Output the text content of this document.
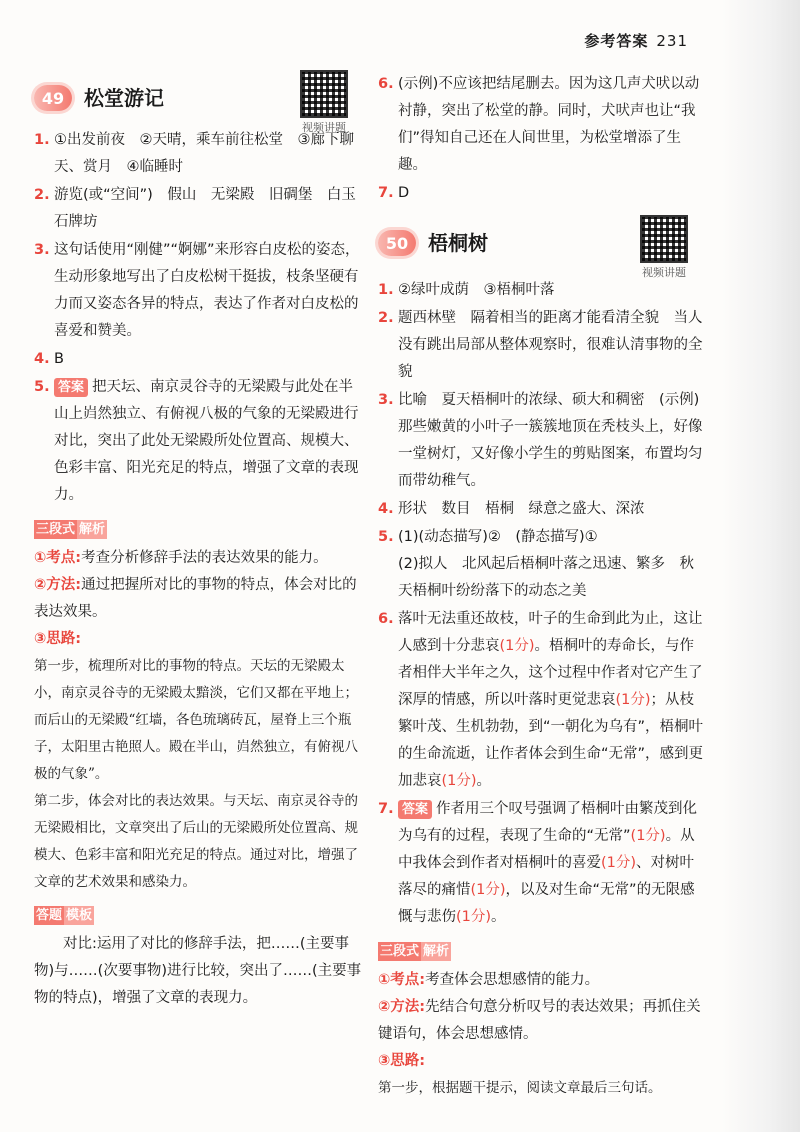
参考答案 231
49 松堂游记
视频讲题
1. ①出发前夜　②天晴，乘车前往松堂　③廊下聊天、赏月　④临睡时
2. 游览(或“空间”)　假山　无梁殿　旧碉堡　白玉石牌坊
3. 这句话使用“刚健”“婀娜”来形容白皮松的姿态，生动形象地写出了白皮松树干挺拔，枝条坚硬有力而又姿态各异的特点，表达了作者对白皮松的喜爱和赞美。
4. B
5. 答案 把天坛、南京灵谷寺的无梁殿与此处在半山上岿然独立、有俯视八极的气象的无梁殿进行对比，突出了此处无梁殿所处位置高、规模大、色彩丰富、阳光充足的特点，增强了文章的表现力。
三段式 解析

①考点:考查分析修辞手法的表达效果的能力。

②方法:通过把握所对比的事物的特点，体会对比的表达效果。

③思路:

第一步，梳理所对比的事物的特点。天坛的无梁殿太小，南京灵谷寺的无梁殿太黯淡，它们又都在平地上；而后山的无梁殿“红墙，各色琉璃砖瓦，屋脊上三个瓶子，太阳里古艳照人。殿在半山，岿然独立，有俯视八极的气象”。

第二步，体会对比的表达效果。与天坛、南京灵谷寺的无梁殿相比，文章突出了后山的无梁殿所处位置高、规模大、色彩丰富和阳光充足的特点。通过对比，增强了文章的艺术效果和感染力。

答题 模板

对比:运用了对比的修辞手法，把……(主要事物)与……(次要事物)进行比较，突出了……(主要事物的特点)，增强了文章的表现力。

6. (示例)不应该把结尾删去。因为这几声犬吠以动衬静，突出了松堂的静。同时，犬吠声也让“我们”得知自己还在人间世里，为松堂增添了生趣。
7. D
50 梧桐树
视频讲题
1. ②绿叶成荫　③梧桐叶落
2. 题西林壁　隔着相当的距离才能看清全貌　当人没有跳出局部从整体观察时，很难认清事物的全貌
3. 比喻　夏天梧桐叶的浓绿、硕大和稠密　(示例)那些嫩黄的小叶子一簇簇地顶在秃枝头上，好像一堂树灯，又好像小学生的剪贴图案，布置均匀而带幼稚气。
4. 形状　数目　梧桐　绿意之盛大、深浓
5. (1)(动态描写)②　(静态描写)①
(2)拟人　北风起后梧桐叶落之迅速、繁多　秋天梧桐叶纷纷落下的动态之美
6. 落叶无法重还故枝，叶子的生命到此为止，这让人感到十分悲哀(1分)。梧桐叶的寿命长，与作者相伴大半年之久，这个过程中作者对它产生了深厚的情感，所以叶落时更觉悲哀(1分)；从枝繁叶茂、生机勃勃，到“一朝化为乌有”，梧桐叶的生命流逝，让作者体会到生命“无常”，感到更加悲哀(1分)。
7. 答案 作者用三个叹号强调了梧桐叶由繁茂到化为乌有的过程，表现了生命的“无常”(1分)。从中我体会到作者对梧桐叶的喜爱(1分)、对树叶落尽的痛惜(1分)，以及对生命“无常”的无限感慨与悲伤(1分)。
三段式 解析

①考点:考查体会思想感情的能力。

②方法:先结合句意分析叹号的表达效果；再抓住关键语句，体会思想感情。

③思路:

第一步，根据题干提示，阅读文章最后三句话。
